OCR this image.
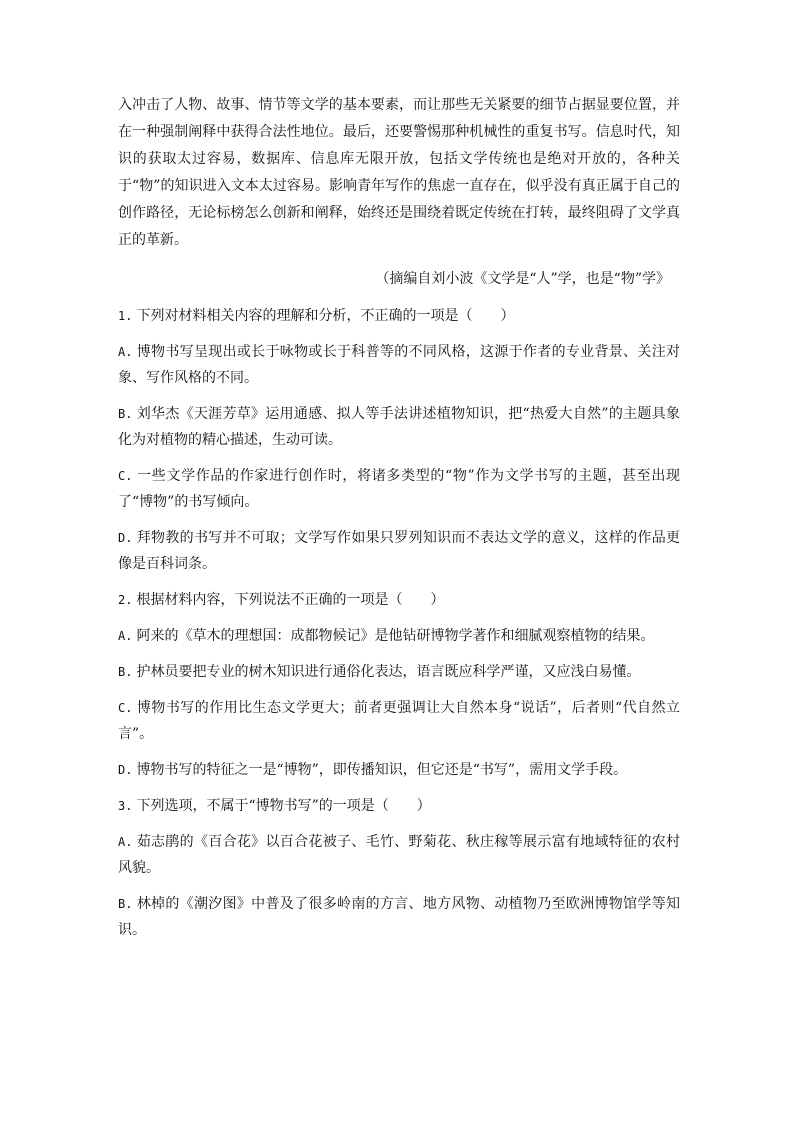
入冲击了人物、故事、情节等文学的基本要素，而让那些无关紧要的细节占据显要位置，并在一种强制阐释中获得合法性地位。最后，还要警惕那种机械性的重复书写。信息时代，知识的获取太过容易，数据库、信息库无限开放，包括文学传统也是绝对开放的，各种关于“物”的知识进入文本太过容易。影响青年写作的焦虑一直存在，似乎没有真正属于自己的创作路径，无论标榜怎么创新和阐释，始终还是围绕着既定传统在打转，最终阻碍了文学真正的革新。

（摘编自刘小波《文学是“人”学，也是“物”学》

1. 下列对材料相关内容的理解和分析，不正确的一项是（　　）

A. 博物书写呈现出或长于咏物或长于科普等的不同风格，这源于作者的专业背景、关注对象、写作风格的不同。

B. 刘华杰《天涯芳草》运用通感、拟人等手法讲述植物知识，把“热爱大自然”的主题具象化为对植物的精心描述，生动可读。

C. 一些文学作品的作家进行创作时，将诸多类型的“物”作为文学书写的主题，甚至出现了“博物”的书写倾向。

D. 拜物教的书写并不可取；文学写作如果只罗列知识而不表达文学的意义，这样的作品更像是百科词条。

2. 根据材料内容，下列说法不正确的一项是（　　）

A. 阿来的《草木的理想国：成都物候记》是他钻研博物学著作和细腻观察植物的结果。

B. 护林员要把专业的树木知识进行通俗化表达，语言既应科学严谨，又应浅白易懂。

C. 博物书写的作用比生态文学更大；前者更强调让大自然本身“说话”，后者则“代自然立言”。

D. 博物书写的特征之一是“博物”，即传播知识，但它还是“书写”，需用文学手段。

3. 下列选项，不属于“博物书写”的一项是（　　）

A. 茹志鹃的《百合花》以百合花被子、毛竹、野菊花、秋庄稼等展示富有地域特征的农村风貌。

B. 林棹的《潮汐图》中普及了很多岭南的方言、地方风物、动植物乃至欧洲博物馆学等知识。
